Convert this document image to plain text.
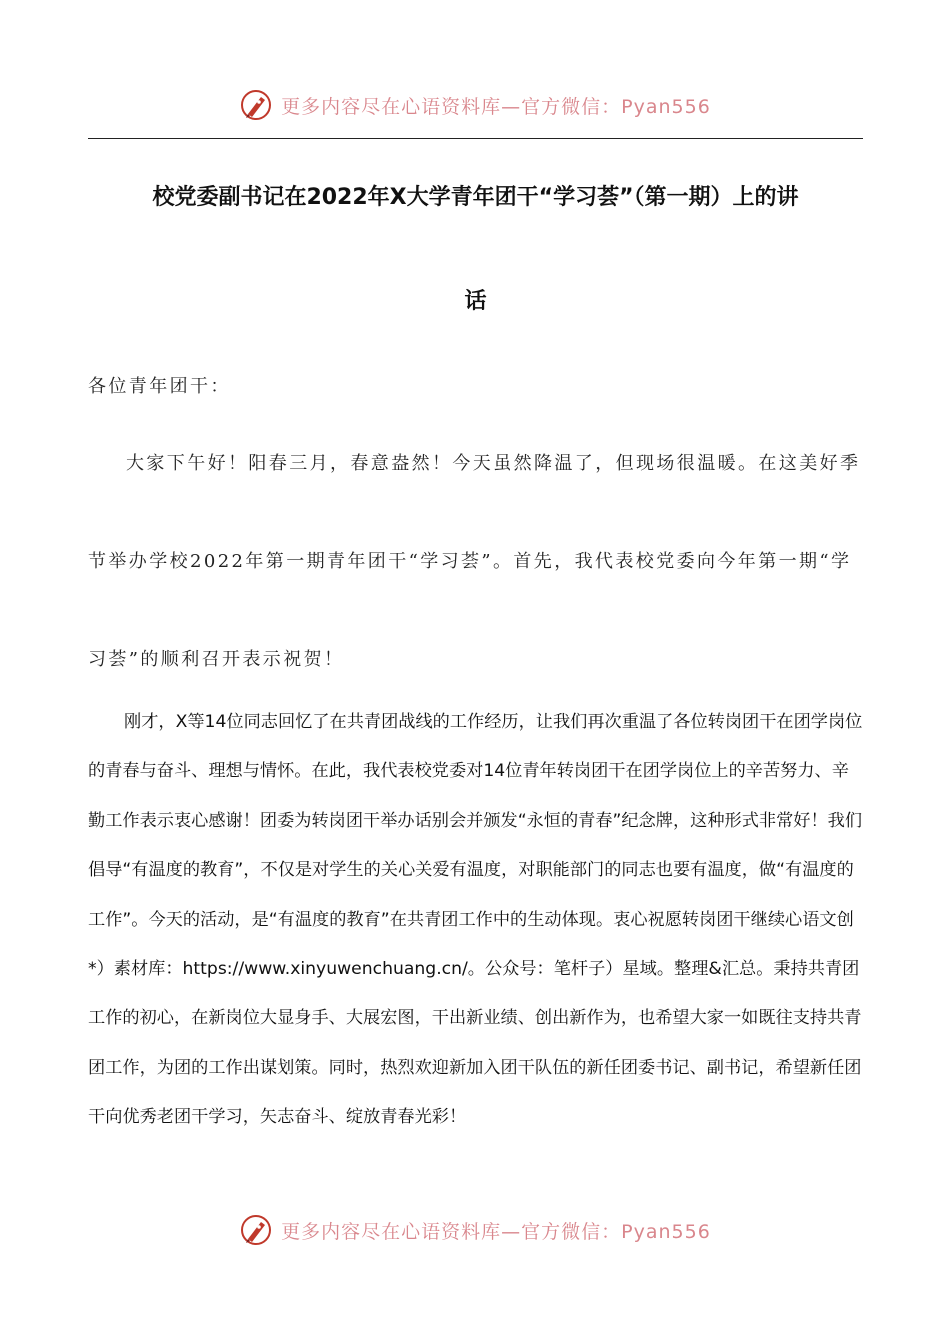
更多内容尽在心语资料库—官方微信：Pyan556
校党委副书记在2022年X大学青年团干“学习荟”（第一期）上的讲
话
各位青年团干：
大家下午好！阳春三月，春意盎然！今天虽然降温了，但现场很温暖。在这美好季节举办学校2022年第一期青年团干“学习荟”。首先，我代表校党委向今年第一期“学习荟”的顺利召开表示祝贺！
刚才，X等14位同志回忆了在共青团战线的工作经历，让我们再次重温了各位转岗团干在团学岗位的青春与奋斗、理想与情怀。在此，我代表校党委对14位青年转岗团干在团学岗位上的辛苦努力、辛勤工作表示衷心感谢！团委为转岗团干举办话别会并颁发“永恒的青春”纪念牌，这种形式非常好！我们倡导“有温度的教育”，不仅是对学生的关心关爱有温度，对职能部门的同志也要有温度，做“有温度的工作”。今天的活动，是“有温度的教育”在共青团工作中的生动体现。衷心祝愿转岗团干继续心语文创*）素材库：https://www.xinyuwenchuang.cn/。公众号：笔杆子）星域。整理&汇总。秉持共青团工作的初心，在新岗位大显身手、大展宏图，干出新业绩、创出新作为，也希望大家一如既往支持共青团工作，为团的工作出谋划策。同时，热烈欢迎新加入团干队伍的新任团委书记、副书记，希望新任团干向优秀老团干学习，矢志奋斗、绽放青春光彩！
更多内容尽在心语资料库—官方微信：Pyan556
